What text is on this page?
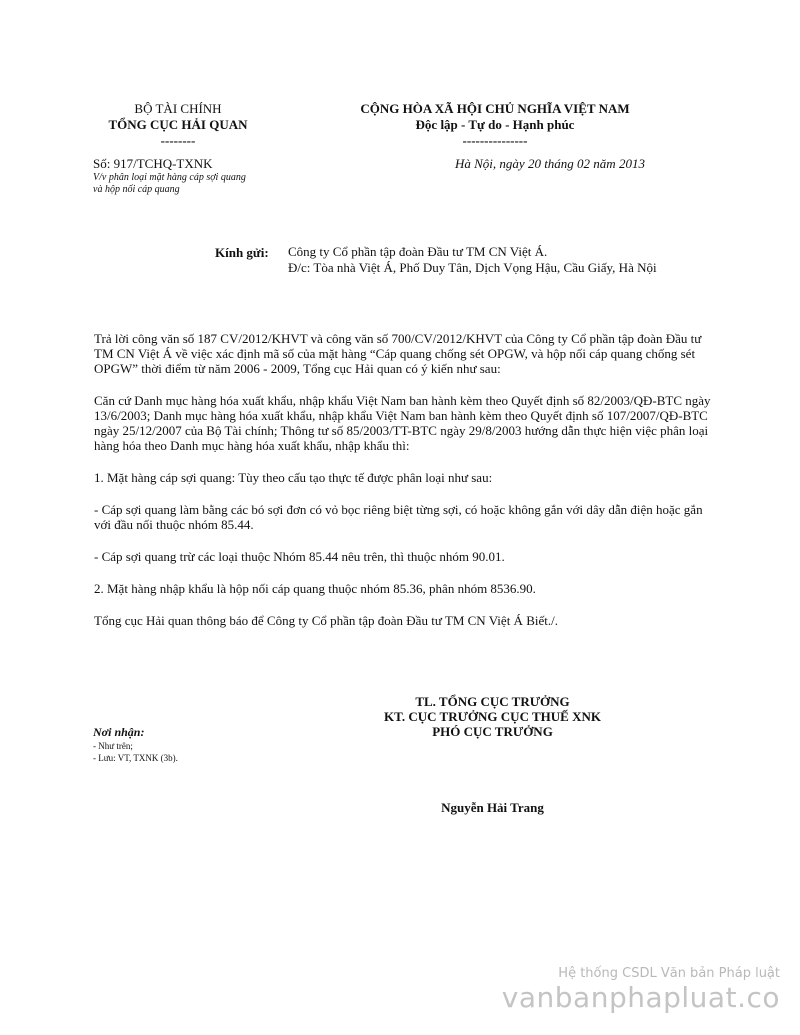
BỘ TÀI CHÍNH
TỔNG CỤC HẢI QUAN
--------
CỘNG HÒA XÃ HỘI CHỦ NGHĨA VIỆT NAM
Độc lập - Tự do - Hạnh phúc
---------------
Số: 917/TCHQ-TXNK
V/v phân loại mặt hàng cáp sợi quang
và hộp nối cáp quang
Hà Nội, ngày 20 tháng 02 năm 2013
Kính gửi: Công ty Cổ phần tập đoàn Đầu tư TM CN Việt Á.
Đ/c: Tòa nhà Việt Á, Phố Duy Tân, Dịch Vọng Hậu, Cầu Giấy, Hà Nội

Trả lời công văn số 187 CV/2012/KHVT và công văn số 700/CV/2012/KHVT của Công ty Cổ phần tập đoàn Đầu tư TM CN Việt Á về việc xác định mã số của mặt hàng “Cáp quang chống sét OPGW, và hộp nối cáp quang chống sét OPGW” thời điểm từ năm 2006 - 2009, Tổng cục Hải quan có ý kiến như sau:

Căn cứ Danh mục hàng hóa xuất khẩu, nhập khẩu Việt Nam ban hành kèm theo Quyết định số 82/2003/QĐ-BTC ngày 13/6/2003; Danh mục hàng hóa xuất khẩu, nhập khẩu Việt Nam ban hành kèm theo Quyết định số 107/2007/QĐ-BTC ngày 25/12/2007 của Bộ Tài chính; Thông tư số 85/2003/TT-BTC ngày 29/8/2003 hướng dẫn thực hiện việc phân loại hàng hóa theo Danh mục hàng hóa xuất khẩu, nhập khẩu thì:

1. Mặt hàng cáp sợi quang: Tùy theo cấu tạo thực tế được phân loại như sau:

- Cáp sợi quang làm bằng các bó sợi đơn có vỏ bọc riêng biệt từng sợi, có hoặc không gắn với dây dẫn điện hoặc gắn với đầu nối thuộc nhóm 85.44.

- Cáp sợi quang trừ các loại thuộc Nhóm 85.44 nêu trên, thì thuộc nhóm 90.01.

2. Mặt hàng nhập khẩu là hộp nối cáp quang thuộc nhóm 85.36, phân nhóm 8536.90.

Tổng cục Hải quan thông báo để Công ty Cổ phần tập đoàn Đầu tư TM CN Việt Á Biết./.

TL. TỔNG CỤC TRƯỞNG
KT. CỤC TRƯỞNG CỤC THUẾ XNK
PHÓ CỤC TRƯỞNG
Nguyễn Hải Trang
Nơi nhận:
- Như trên;
- Lưu: VT, TXNK (3b).
Hệ thống CSDL Văn bản Pháp luật
vanbanphapluat.co
